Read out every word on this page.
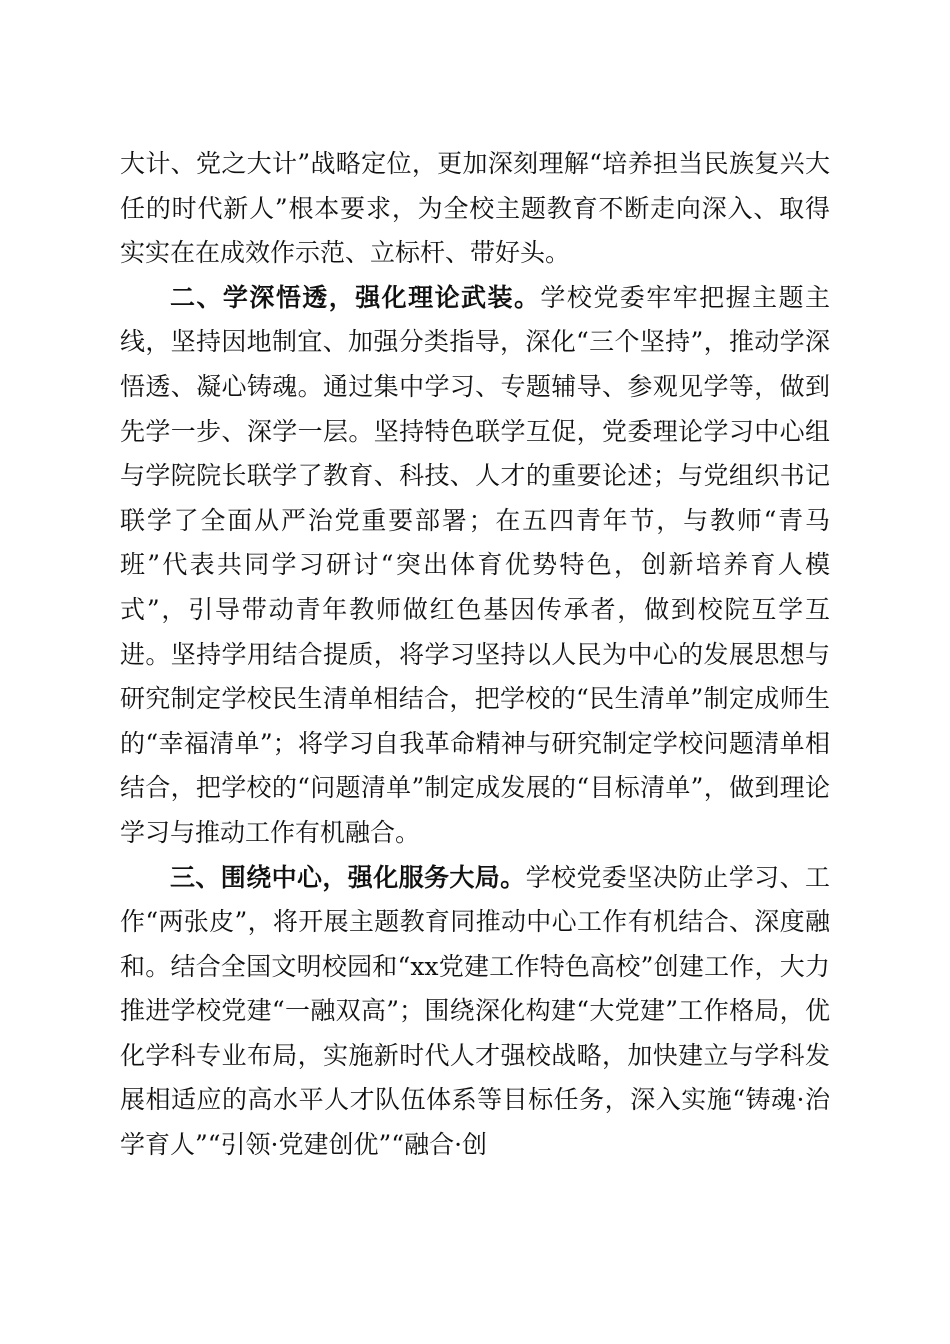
大计、党之大计”战略定位，更加深刻理解“培养担当民族复兴大任的时代新人”根本要求，为全校主题教育不断走向深入、取得实实在在成效作示范、立标杆、带好头。

二、学深悟透，强化理论武装。学校党委牢牢把握主题主线，坚持因地制宜、加强分类指导，深化“三个坚持”，推动学深悟透、凝心铸魂。通过集中学习、专题辅导、参观见学等，做到先学一步、深学一层。坚持特色联学互促，党委理论学习中心组与学院院长联学了教育、科技、人才的重要论述；与党组织书记联学了全面从严治党重要部署；在五四青年节，与教师“青马班”代表共同学习研讨“突出体育优势特色，创新培养育人模式”，引导带动青年教师做红色基因传承者，做到校院互学互进。坚持学用结合提质，将学习坚持以人民为中心的发展思想与研究制定学校民生清单相结合，把学校的“民生清单”制定成师生的“幸福清单”；将学习自我革命精神与研究制定学校问题清单相结合，把学校的“问题清单”制定成发展的“目标清单”，做到理论学习与推动工作有机融合。

三、围绕中心，强化服务大局。学校党委坚决防止学习、工作“两张皮”，将开展主题教育同推动中心工作有机结合、深度融和。结合全国文明校园和“xx党建工作特色高校”创建工作，大力推进学校党建“一融双高”；围绕深化构建“大党建”工作格局，优化学科专业布局，实施新时代人才强校战略，加快建立与学科发展相适应的高水平人才队伍体系等目标任务，深入实施“铸魂·治学育人”“引领·党建创优”“融合·创
